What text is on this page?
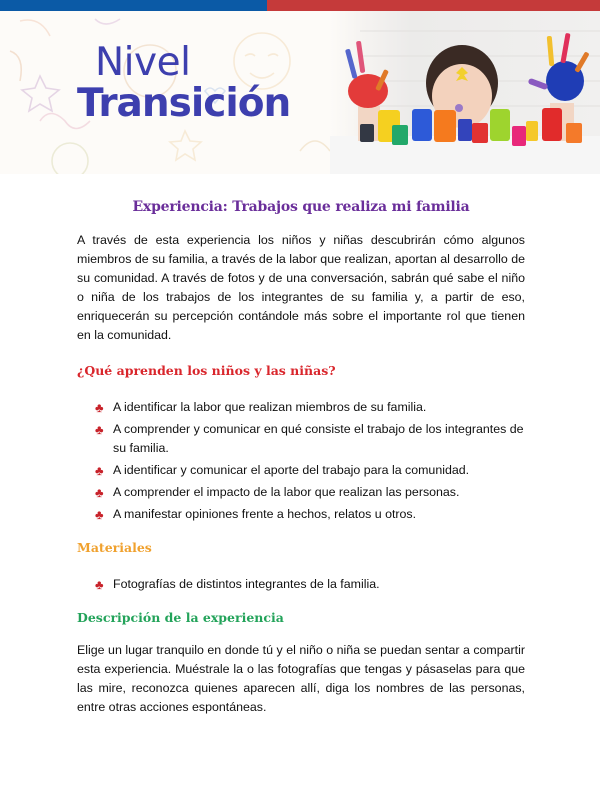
Nivel
Transición
Experiencia: Trabajos que realiza mi familia

A través de esta experiencia los niños y niñas descubrirán cómo algunos miembros de su familia, a través de la labor que realizan, aportan al desarrollo de su comunidad. A través de fotos y de una conversación, sabrán qué sabe el niño o niña de los trabajos de los integrantes de su familia y, a partir de eso, enriquecerán su percepción contándole más sobre el importante rol que tienen en la comunidad.

¿Qué aprenden los niños y las niñas?
♣ A identificar la labor que realizan miembros de su familia.
♣ A comprender y comunicar en qué consiste el trabajo de los integrantes de su familia.
♣ A identificar y comunicar el aporte del trabajo para la comunidad.
♣ A comprender el impacto de la labor que realizan las personas.
♣ A manifestar opiniones frente a hechos, relatos u otros.
Materiales
♣ Fotografías de distintos integrantes de la familia.
Descripción de la experiencia

Elige un lugar tranquilo en donde tú y el niño o niña se puedan sentar a compartir esta experiencia. Muéstrale la o las fotografías que tengas y pásaselas para que las mire, reconozca quienes aparecen allí, diga los nombres de las personas, entre otras acciones espontáneas.
